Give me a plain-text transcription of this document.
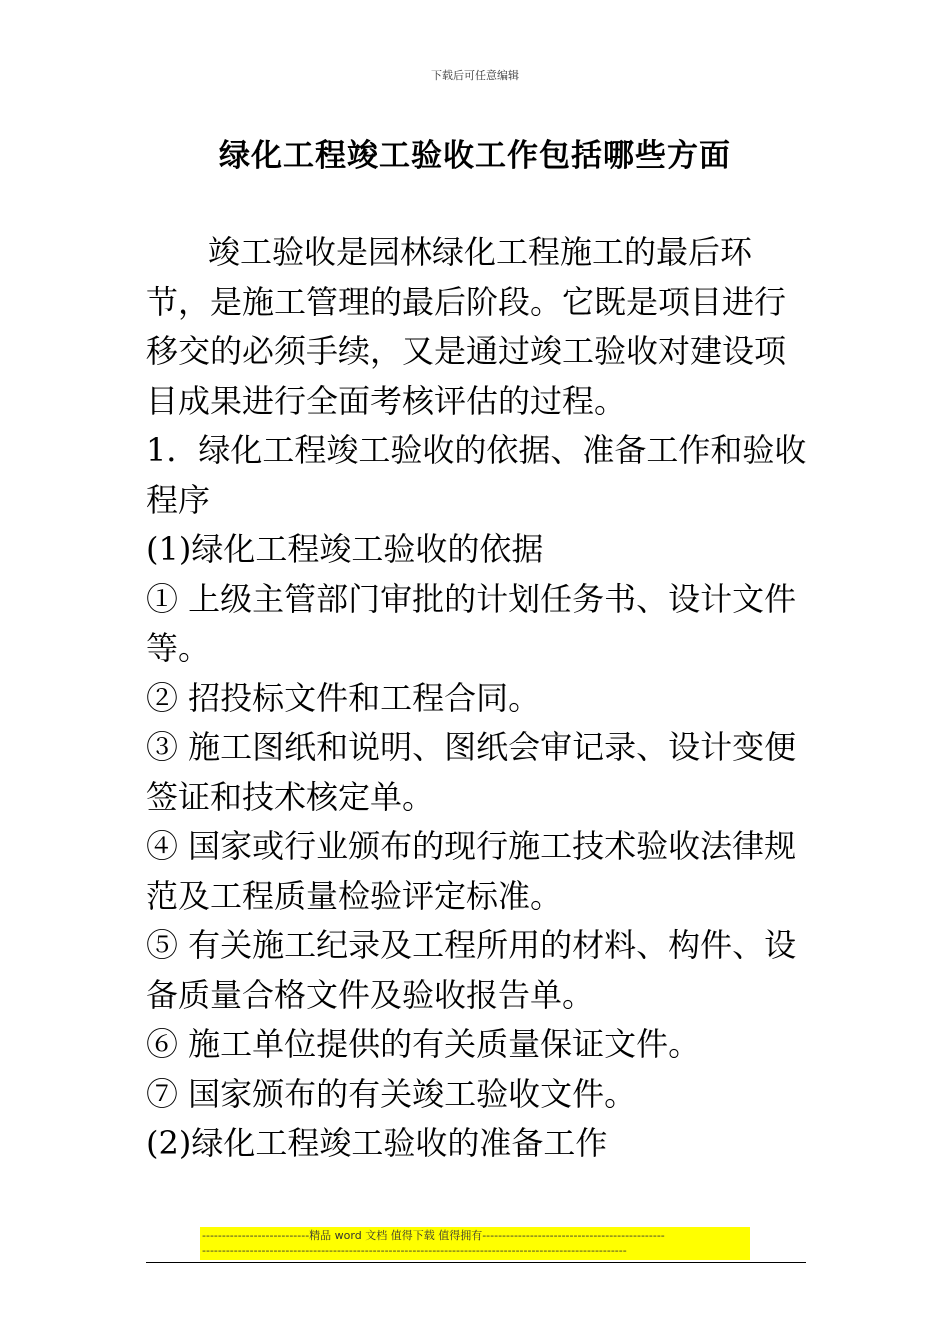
下载后可任意编辑
绿化工程竣工验收工作包括哪些方面

竣工验收是园林绿化工程施工的最后环节，是施工管理的最后阶段。它既是项目进行移交的必须手续，又是通过竣工验收对建设项目成果进行全面考核评估的过程。

1．绿化工程竣工验收的依据、准备工作和验收程序

(1)绿化工程竣工验收的依据

① 上级主管部门审批的计划任务书、设计文件等。

② 招投标文件和工程合同。

③ 施工图纸和说明、图纸会审记录、设计变便签证和技术核定单。

④ 国家或行业颁布的现行施工技术验收法律规范及工程质量检验评定标准。

⑤ 有关施工纪录及工程所用的材料、构件、设备质量合格文件及验收报告单。

⑥ 施工单位提供的有关质量保证文件。

⑦ 国家颁布的有关竣工验收文件。

(2)绿化工程竣工验收的准备工作

---------------------------精品 word 文档 值得下载 值得拥有----------------------------------------------
-----------------------------------------------------------------------------------------------------------
